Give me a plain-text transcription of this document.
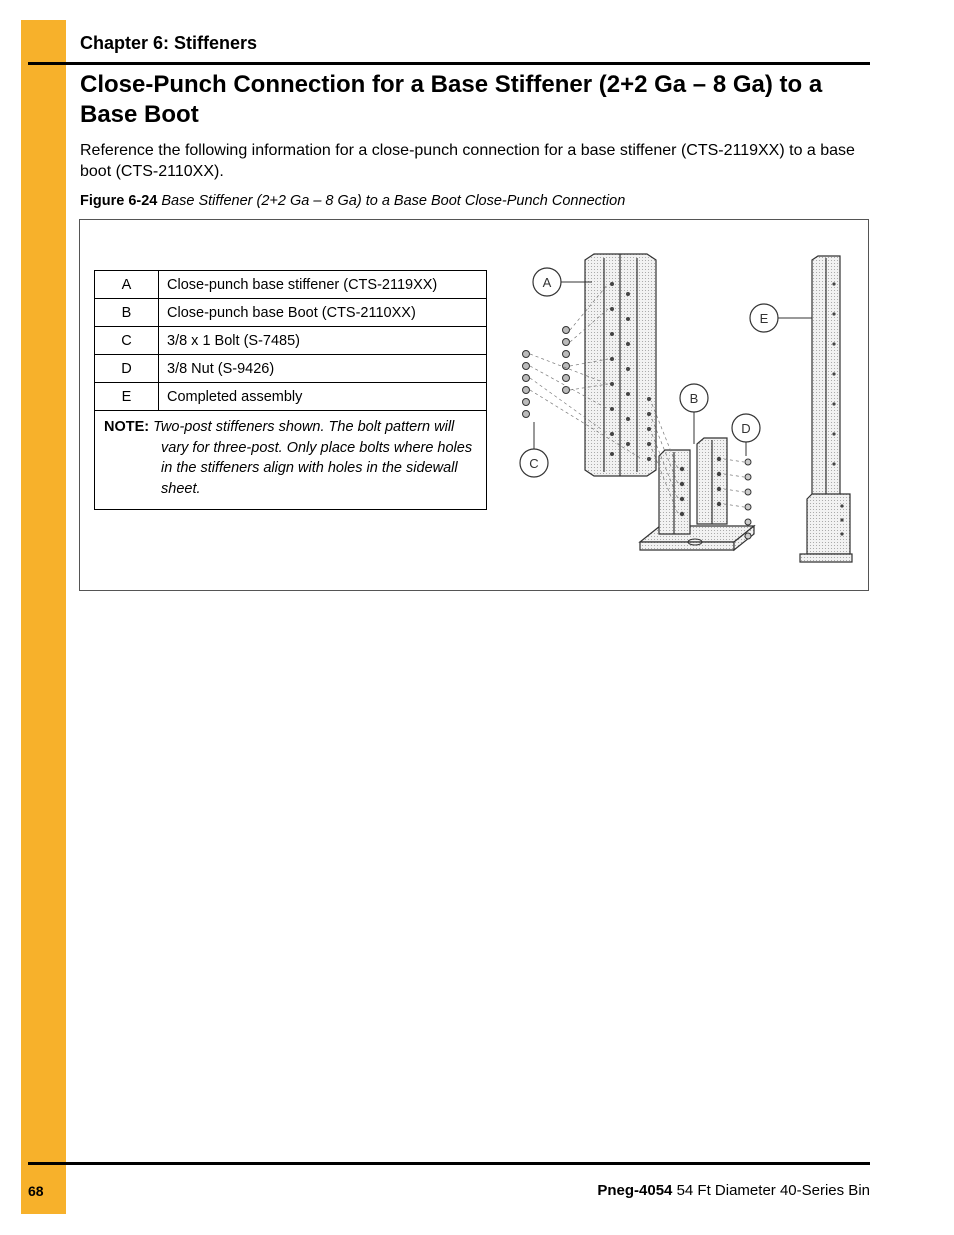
Chapter 6: Stiffeners
Close-Punch Connection for a Base Stiffener (2+2 Ga – 8 Ga) to a Base Boot

Reference the following information for a close-punch connection for a base stiffener (CTS-2119XX) to a base boot (CTS-2110XX).

Figure 6-24 Base Stiffener (2+2 Ga – 8 Ga) to a Base Boot Close-Punch Connection
A	Close-punch base stiffener (CTS-2119XX)
B	Close-punch base Boot (CTS-2110XX)
C	3/8 x 1 Bolt (S-7485)
D	3/8 Nut (S-9426)
E	Completed assembly
NOTE: Two-post stiffeners shown. The bolt pattern will
vary for three-post. Only place bolts where holes in the stiffeners align with holes in the sidewall sheet.	
A
B
C
D
E
68	Pneg-4054 54 Ft Diameter 40-Series Bin
